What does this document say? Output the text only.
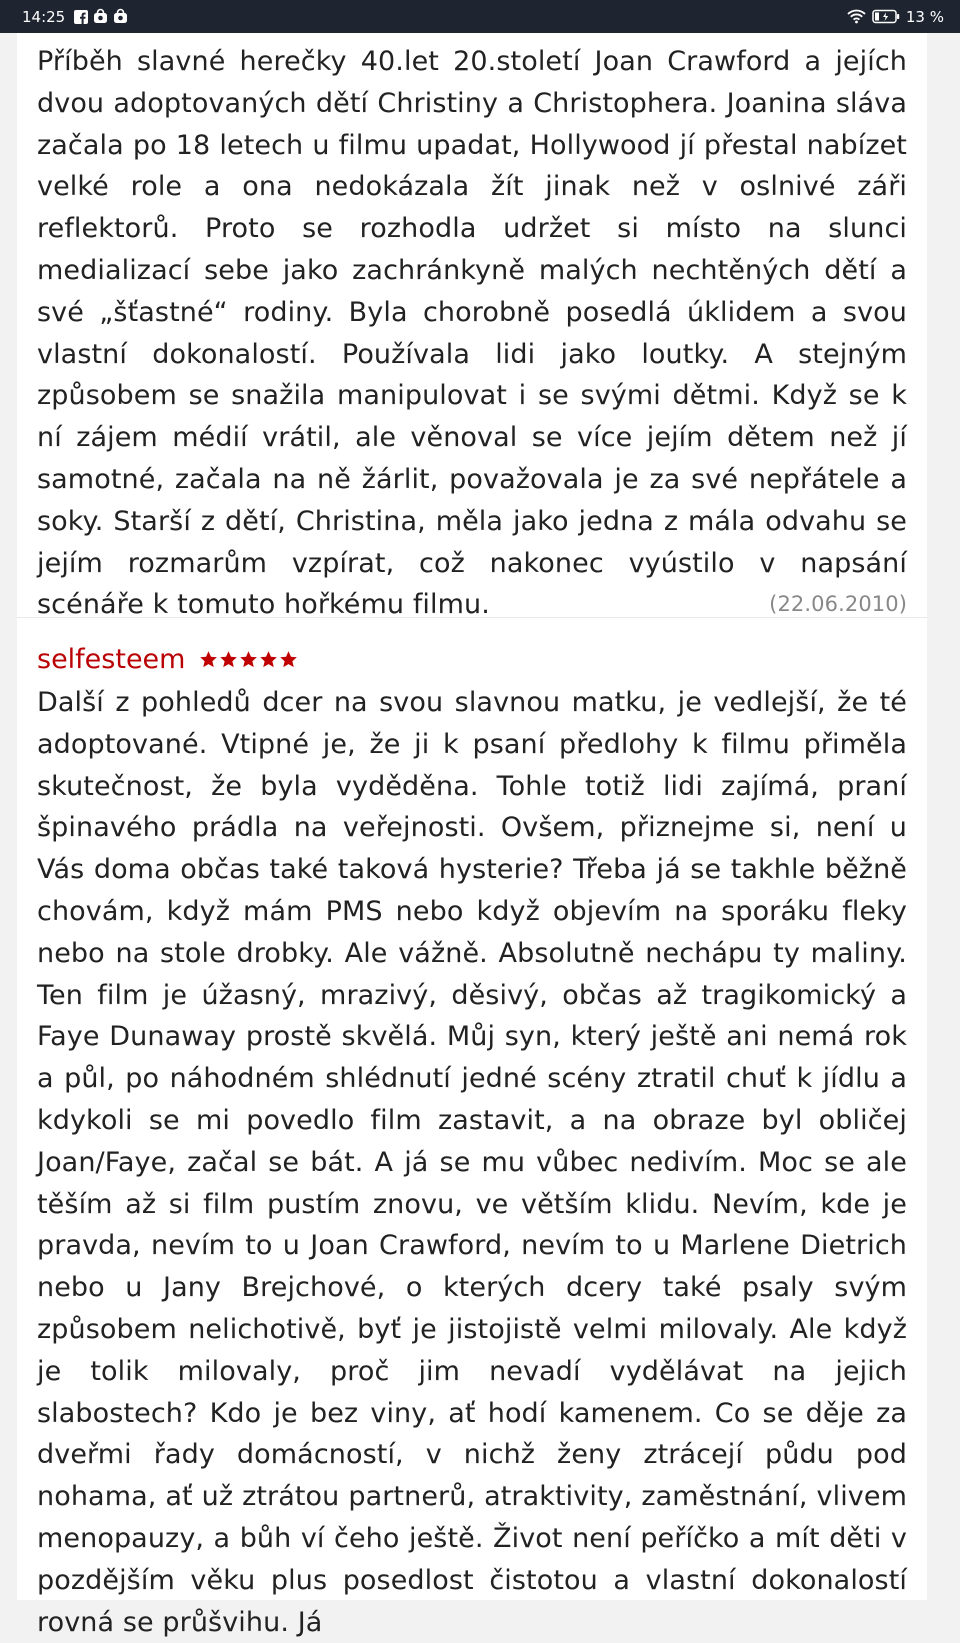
14:25	13 %

Příběh slavné herečky 40.let 20.století Joan Crawford a jejích dvou adoptovaných dětí Christiny a Christophera. Joanina sláva začala po 18 letech u filmu upadat, Hollywood jí přestal nabízet velké role a ona nedokázala žít jinak než v oslnivé záři reflektorů. Proto se rozhodla udržet si místo na slunci medializací sebe jako zachránkyně malých nechtěných dětí a své „šťastné“ rodiny. Byla chorobně posedlá úklidem a svou vlastní dokonalostí. Používala lidi jako loutky. A stejným způsobem se snažila manipulovat i se svými dětmi. Když se k ní zájem médií vrátil, ale věnoval se více jejím dětem než jí samotné, začala na ně žárlit, považovala je za své nepřátele a soky. Starší z dětí, Christina, měla jako jedna z mála odvahu se jejím rozmarům vzpírat, což nakonec vyústilo v napsání scénáře k tomuto hořkému filmu.	(22.06.2010)

selfesteem

Další z pohledů dcer na svou slavnou matku, je vedlejší, že té adoptované. Vtipné je, že ji k psaní předlohy k filmu přiměla skutečnost, že byla vyděděna. Tohle totiž lidi zajímá, praní špinavého prádla na veřejnosti. Ovšem, přiznejme si, není u Vás doma občas také taková hysterie? Třeba já se takhle běžně chovám, když mám PMS nebo když objevím na sporáku fleky nebo na stole drobky. Ale vážně. Absolutně nechápu ty maliny. Ten film je úžasný, mrazivý, děsivý, občas až tragikomický a Faye Dunaway prostě skvělá. Můj syn, který ještě ani nemá rok a půl, po náhodném shlédnutí jedné scény ztratil chuť k jídlu a kdykoli se mi povedlo film zastavit, a na obraze byl obličej Joan/Faye, začal se bát. A já se mu vůbec nedivím. Moc se ale těším až si film pustím znovu, ve větším klidu. Nevím, kde je pravda, nevím to u Joan Crawford, nevím to u Marlene Dietrich nebo u Jany Brejchové, o kterých dcery také psaly svým způsobem nelichotivě, byť je jistojistě velmi milovaly. Ale když je tolik milovaly, proč jim nevadí vydělávat na jejich slabostech? Kdo je bez viny, ať hodí kamenem. Co se děje za dveřmi řady domácností, v nichž ženy ztrácejí půdu pod nohama, ať už ztrátou partnerů, atraktivity, zaměstnání, vlivem menopauzy, a bůh ví čeho ještě. Život není peříčko a mít děti v pozdějším věku plus posedlost čistotou a vlastní dokonalostí rovná se průšvihu. Já
